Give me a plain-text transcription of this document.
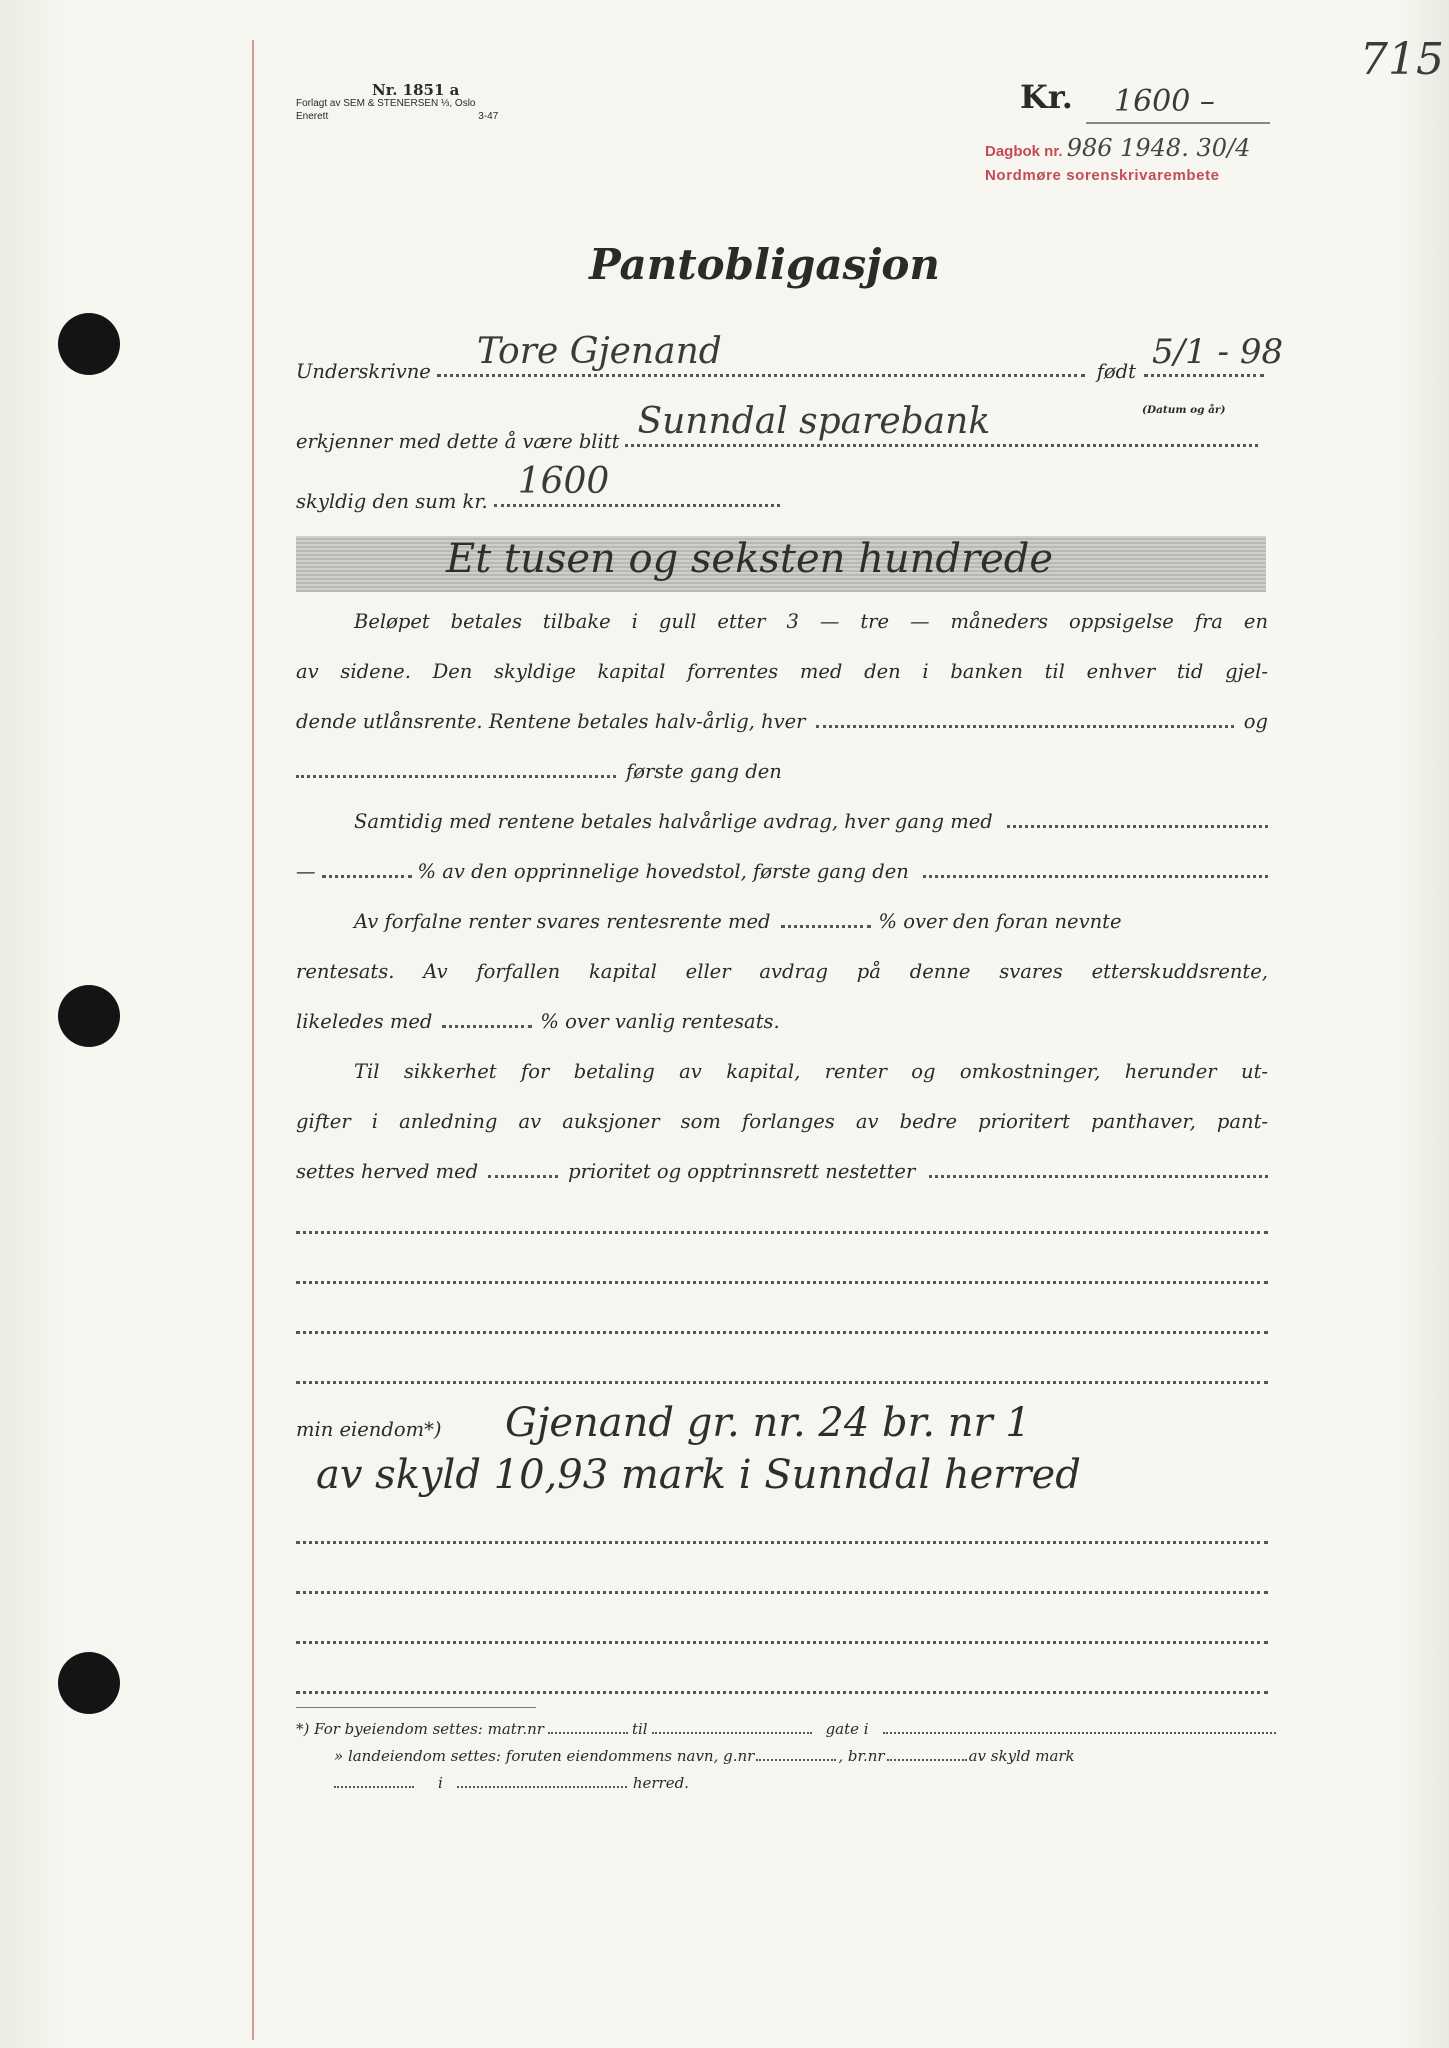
Nr. 1851 a
Forlagt av SEM & STENERSEN ⅓, Oslo
Enerett	3-47
Kr. 1600 –
715
Dagbok nr. 986 1948. 30/4
Nordmøre sorenskrivarembete
Pantobligasjon
Underskrivne Tore Gjenand	født 5/1 - 98
(Datum og år)
erkjenner med dette å være blitt Sunndal sparebank
skyldig den sum kr. 1600
Et tusen og seksten hundrede
Beløpet betales tilbake i gull etter 3 — tre — måneders oppsigelse fra en
av sidene. Den skyldige kapital forrentes med den i banken til enhver tid gjel-
dende utlånsrente. Rentene betales halv-årlig, hver	og
første gang den
Samtidig med rentene betales halvårlige avdrag, hver gang med
—	% av den opprinnelige hovedstol, første gang den
Av forfalne renter svares rentesrente med	% over den foran nevnte
rentesats. Av forfallen kapital eller avdrag på denne svares etterskuddsrente,
likeledes med	% over vanlig rentesats.
Til sikkerhet for betaling av kapital, renter og omkostninger, herunder ut-
gifter i anledning av auksjoner som forlanges av bedre prioritert panthaver, pant-
settes herved med	prioritet og opptrinnsrett nestetter
min eiendom*)	Gjenand gr. nr. 24 br. nr 1
av skyld 10,93 mark i Sunndal herred
*) For byeiendom settes: matr.nr	til	gate i
» landeiendom settes: foruten eiendommens navn, g.nr	, br.nr	av skyld mark
i	herred.
